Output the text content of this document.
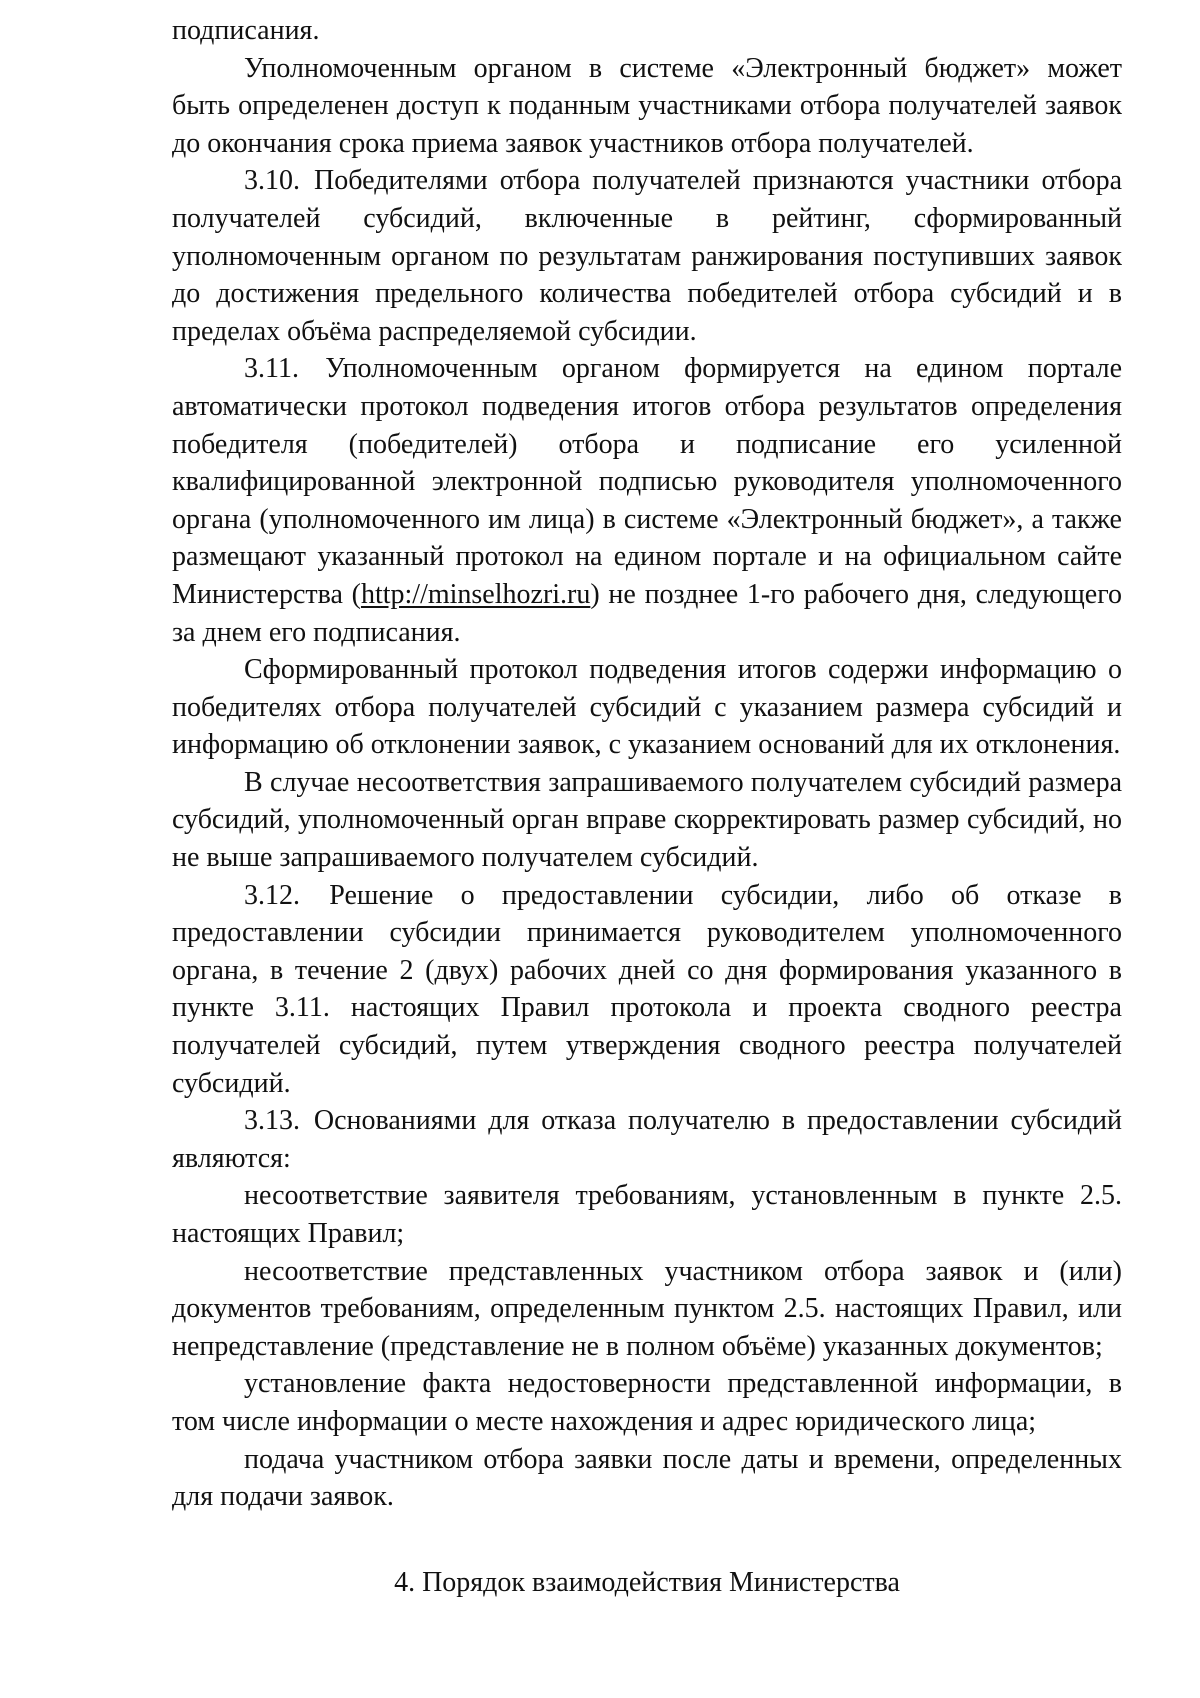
подписания.

Уполномоченным органом в системе «Электронный бюджет» может быть определенен доступ к поданным участниками отбора получателей заявок до окончания срока приема заявок участников отбора получателей.

3.10. Победителями отбора получателей признаются участники отбора получателей субсидий, включенные в рейтинг, сформированный уполномоченным органом по результатам ранжирования поступивших заявок до достижения предельного количества победителей отбора субсидий и в пределах объёма распределяемой субсидии.

3.11. Уполномоченным органом формируется на едином портале автоматически протокол подведения итогов отбора результатов определения победителя (победителей) отбора и подписание его усиленной квалифицированной электронной подписью руководителя уполномоченного органа (уполномоченного им лица) в системе «Электронный бюджет», а также размещают указанный протокол на едином портале и на официальном сайте Министерства (http://minselhozri.ru) не позднее 1-го рабочего дня, следующего за днем его подписания.

Сформированный протокол подведения итогов содержи информацию о победителях отбора получателей субсидий с указанием размера субсидий и информацию об отклонении заявок, с указанием оснований для их отклонения.

В случае несоответствия запрашиваемого получателем субсидий размера субсидий, уполномоченный орган вправе скорректировать размер субсидий, но не выше запрашиваемого получателем субсидий.

3.12. Решение о предоставлении субсидии, либо об отказе в предоставлении субсидии принимается руководителем уполномоченного органа, в течение 2 (двух) рабочих дней со дня формирования указанного в пункте 3.11. настоящих Правил протокола и проекта сводного реестра получателей субсидий, путем утверждения сводного реестра получателей субсидий.

3.13. Основаниями для отказа получателю в предоставлении субсидий являются:

несоответствие заявителя требованиям, установленным в пункте 2.5. настоящих Правил;

несоответствие представленных участником отбора заявок и (или) документов требованиям, определенным пунктом 2.5. настоящих Правил, или непредставление (представление не в полном объёме) указанных документов;

установление факта недостоверности представленной информации, в том числе информации о месте нахождения и адрес юридического лица;

подача участником отбора заявки после даты и времени, определенных для подачи заявок.

4. Порядок взаимодействия Министерства
